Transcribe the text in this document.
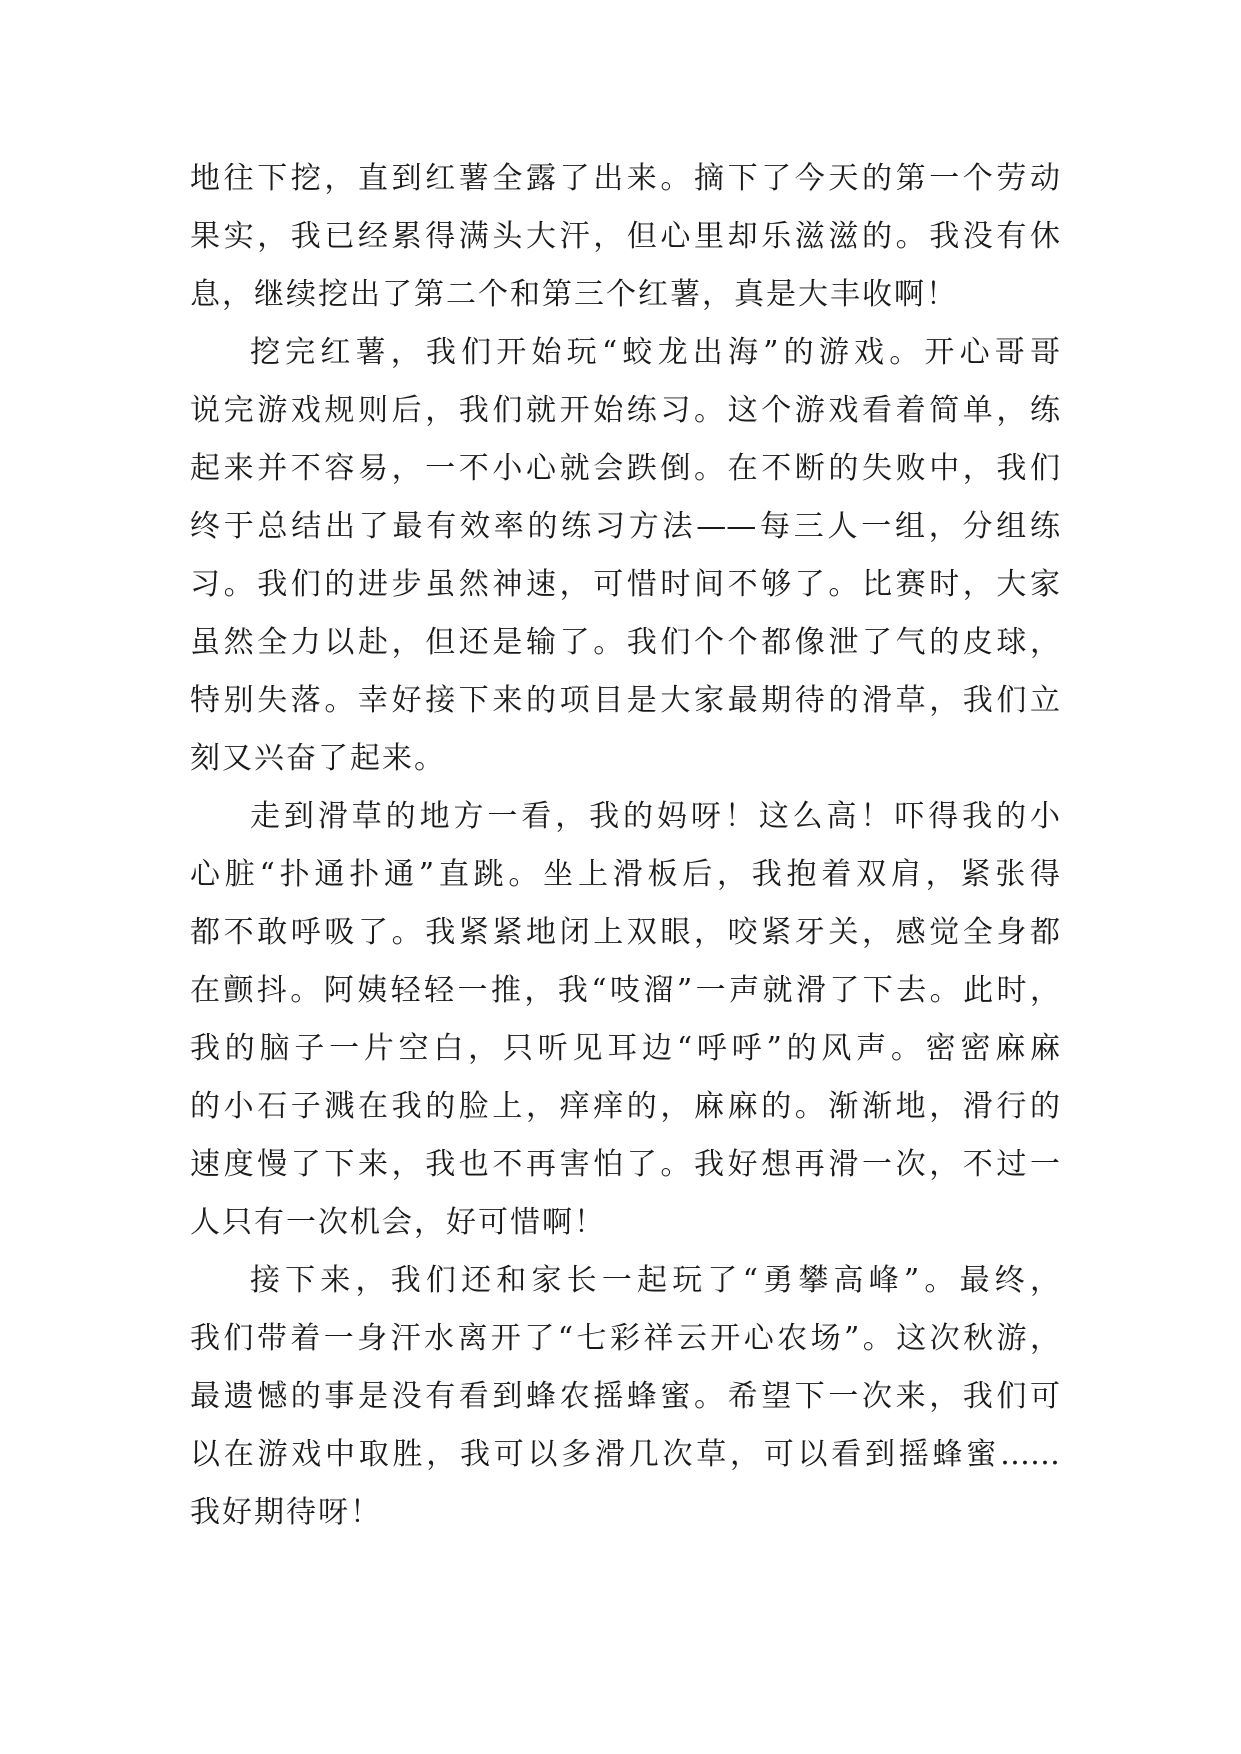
地往下挖，直到红薯全露了出来。摘下了今天的第一个劳动
果实，我已经累得满头大汗，但心里却乐滋滋的。我没有休
息，继续挖出了第二个和第三个红薯，真是大丰收啊！
挖完红薯，我们开始玩“蛟龙出海”的游戏。开心哥哥
说完游戏规则后，我们就开始练习。这个游戏看着简单，练
起来并不容易，一不小心就会跌倒。在不断的失败中，我们
终于总结出了最有效率的练习方法——每三人一组，分组练
习。我们的进步虽然神速，可惜时间不够了。比赛时，大家
虽然全力以赴，但还是输了。我们个个都像泄了气的皮球，
特别失落。幸好接下来的项目是大家最期待的滑草，我们立
刻又兴奋了起来。
走到滑草的地方一看，我的妈呀！这么高！吓得我的小
心脏“扑通扑通”直跳。坐上滑板后，我抱着双肩，紧张得
都不敢呼吸了。我紧紧地闭上双眼，咬紧牙关，感觉全身都
在颤抖。阿姨轻轻一推，我“吱溜”一声就滑了下去。此时，
我的脑子一片空白，只听见耳边“呼呼”的风声。密密麻麻
的小石子溅在我的脸上，痒痒的，麻麻的。渐渐地，滑行的
速度慢了下来，我也不再害怕了。我好想再滑一次，不过一
人只有一次机会，好可惜啊！
接下来，我们还和家长一起玩了“勇攀高峰”。最终，
我们带着一身汗水离开了“七彩祥云开心农场”。这次秋游，
最遗憾的事是没有看到蜂农摇蜂蜜。希望下一次来，我们可
以在游戏中取胜，我可以多滑几次草，可以看到摇蜂蜜……
我好期待呀！
